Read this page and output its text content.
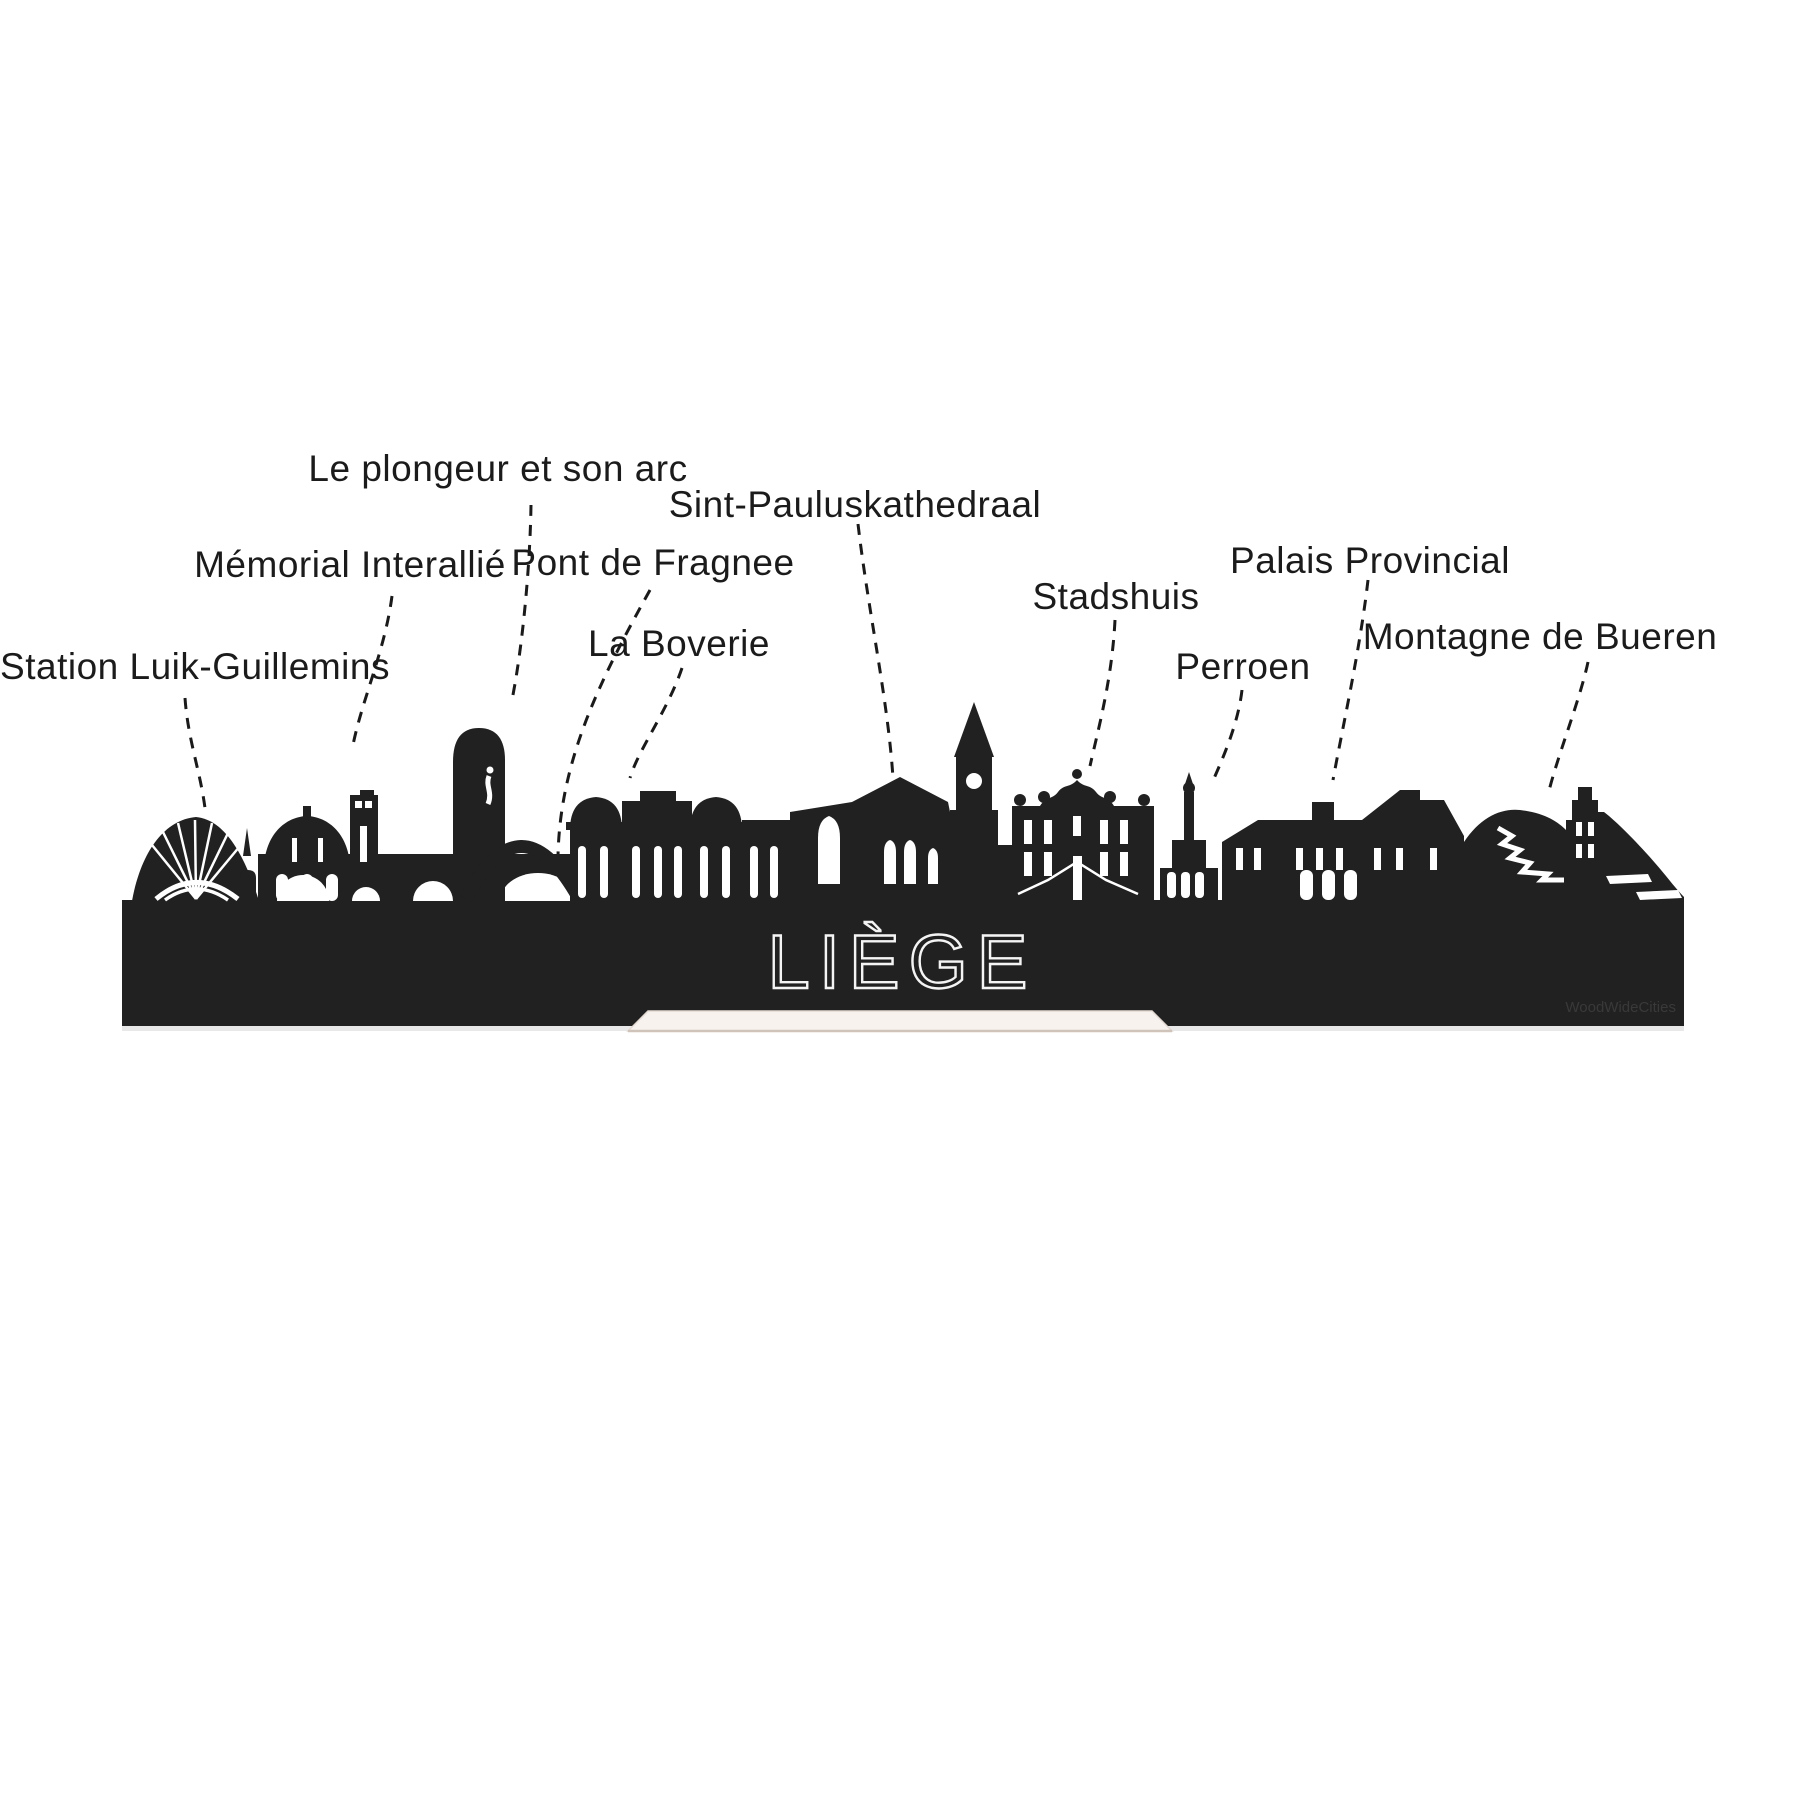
Station Luik-Guillemins
Mémorial Interallié
Le plongeur et son arc
Pont de Fragnee
La Boverie
Sint-Pauluskathedraal
Stadshuis
Perroen
Palais Provincial
Montagne de Bueren
LIÈGE
WoodWideCities
